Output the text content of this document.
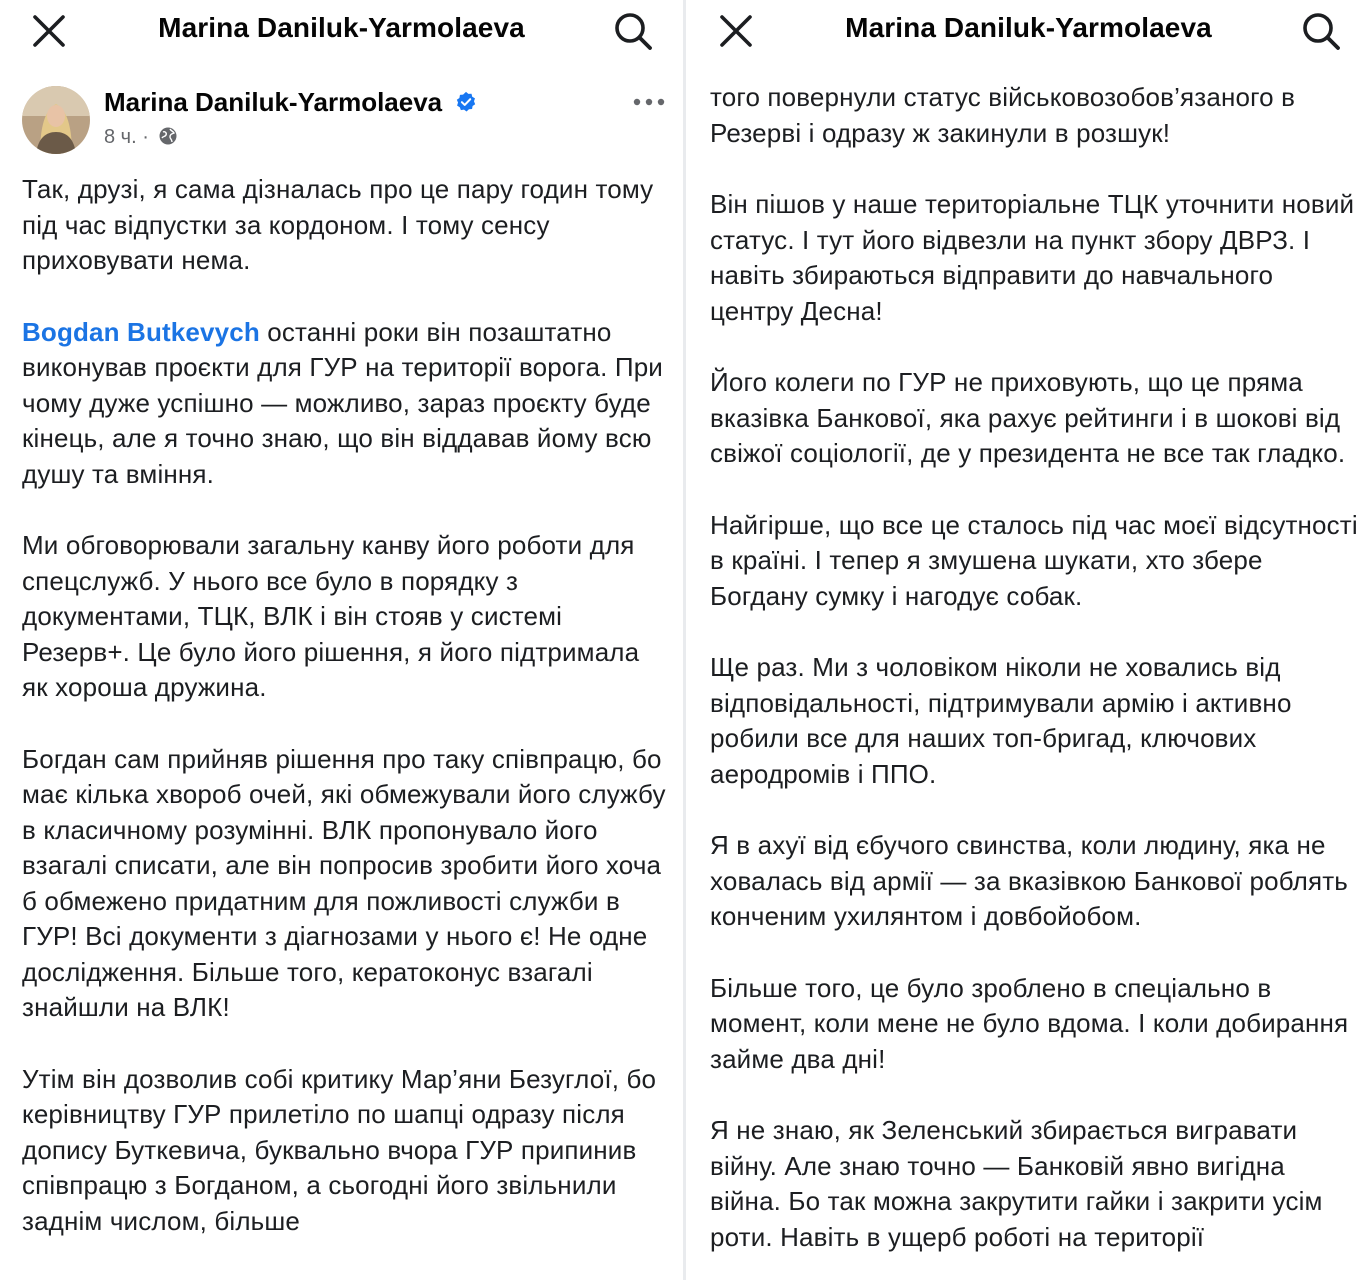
Marina Daniluk-Yarmolaeva
Marina Daniluk-Yarmolaeva
8 ч. ·

Так, друзі, я сама дізналась про це пару годин тому під час відпустки за кордоном. І тому сенсу приховувати нема.

Bogdan Butkevych останні роки він позаштатно виконував проєкти для ГУР на території ворога. При чому дуже успішно — можливо, зараз проєкту буде кінець, але я точно знаю, що він віддавав йому всю душу та вміння.

Ми обговорювали загальну канву його роботи для спецслужб. У нього все було в порядку з документами, ТЦК, ВЛК і він стояв у системі Резерв+. Це було його рішення, я його підтримала як хороша дружина.

Богдан сам прийняв рішення про таку співпрацю, бо має кілька хвороб очей, які обмежували його службу в класичному розумінні. ВЛК пропонувало його взагалі списати, але він попросив зробити його хоча б обмежено придатним для пожливості служби в ГУР! Всі документи з діагнозами у нього є! Не одне дослідження. Більше того, кератоконус взагалі знайшли на ВЛК!

Утім він дозволив собі критику Мар’яни Безуглої, бо керівництву ГУР прилетіло по шапці одразу після допису Буткевича, буквально вчора ГУР припинив співпрацю з Богданом, а сьогодні його звільнили заднім числом, більше

Marina Daniluk-Yarmolaeva

того повернули статус військовозобов’язаного в Резерві і одразу ж закинули в розшук!

Він пішов у наше територіальне ТЦК уточнити новий статус. І тут його відвезли на пункт збору ДВРЗ. І навіть збираються відправити до навчального центру Десна!

Його колеги по ГУР не приховують, що це пряма вказівка Банкової, яка рахує рейтинги і в шокові від свіжої соціології, де у президента не все так гладко.

Найгірше, що все це сталось під час моєї відсутності в країні. І тепер я змушена шукати, хто збере Богдану сумку і нагодує собак.

Ще раз. Ми з чоловіком ніколи не ховались від відповідальності, підтримували армію і активно робили все для наших топ-бригад, ключових аеродромів і ППО.

Я в ахуї від єбучого свинства, коли людину, яка не ховалась від армії — за вказівкою Банкової роблять конченим ухилянтом і довбойобом.

Більше того, це було зроблено в спеціально в момент, коли мене не було вдома. І коли добирання займе два дні!

Я не знаю, як Зеленський збирається вигравати війну. Але знаю точно — Банковій явно вигідна війна. Бо так можна закрутити гайки і закрити усім роти. Навіть в ущерб роботі на території
